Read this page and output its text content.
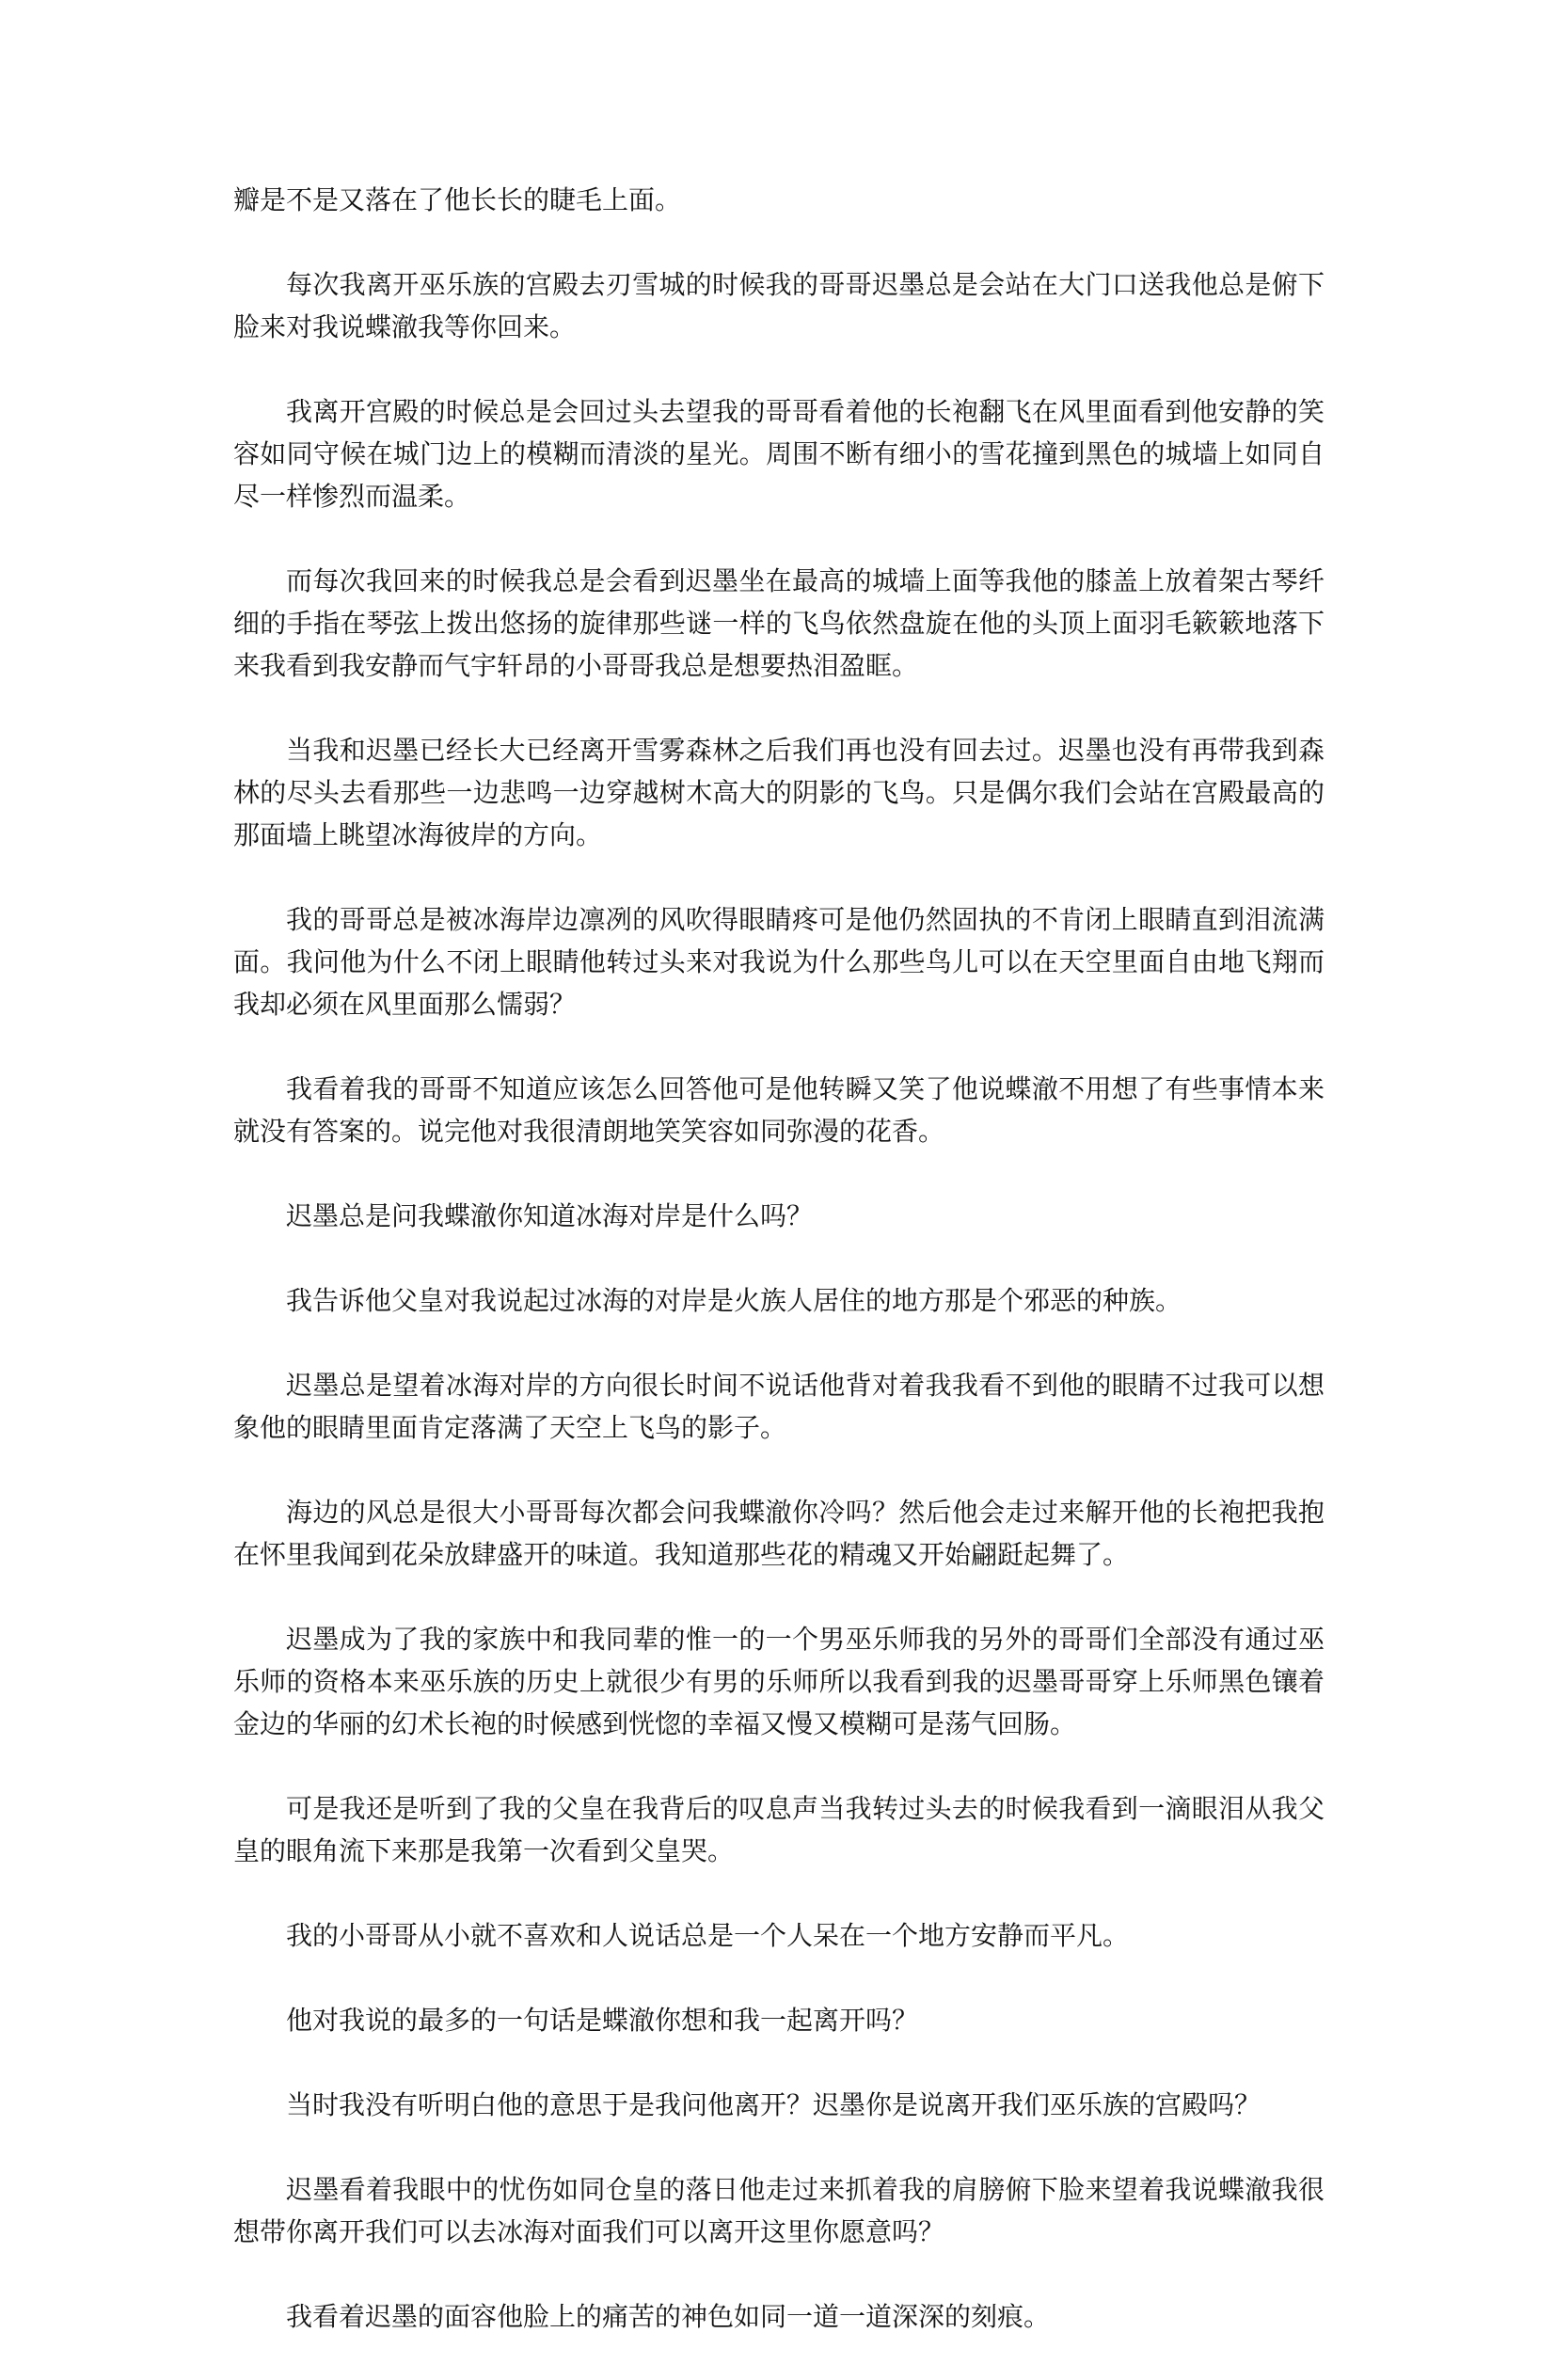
瓣是不是又落在了他长长的睫毛上面。

每次我离开巫乐族的宫殿去刃雪城的时候我的哥哥迟墨总是会站在大门口送我他总是俯下脸来对我说蝶澈我等你回来。

我离开宫殿的时候总是会回过头去望我的哥哥看着他的长袍翻飞在风里面看到他安静的笑容如同守候在城门边上的模糊而清淡的星光。周围不断有细小的雪花撞到黑色的城墙上如同自尽一样惨烈而温柔。

而每次我回来的时候我总是会看到迟墨坐在最高的城墙上面等我他的膝盖上放着架古琴纤细的手指在琴弦上拨出悠扬的旋律那些谜一样的飞鸟依然盘旋在他的头顶上面羽毛簌簌地落下来我看到我安静而气宇轩昂的小哥哥我总是想要热泪盈眶。

当我和迟墨已经长大已经离开雪雾森林之后我们再也没有回去过。迟墨也没有再带我到森林的尽头去看那些一边悲鸣一边穿越树木高大的阴影的飞鸟。只是偶尔我们会站在宫殿最高的那面墙上眺望冰海彼岸的方向。

我的哥哥总是被冰海岸边凛冽的风吹得眼睛疼可是他仍然固执的不肯闭上眼睛直到泪流满面。我问他为什么不闭上眼睛他转过头来对我说为什么那些鸟儿可以在天空里面自由地飞翔而我却必须在风里面那么懦弱？

我看着我的哥哥不知道应该怎么回答他可是他转瞬又笑了他说蝶澈不用想了有些事情本来就没有答案的。说完他对我很清朗地笑笑容如同弥漫的花香。

迟墨总是问我蝶澈你知道冰海对岸是什么吗？

我告诉他父皇对我说起过冰海的对岸是火族人居住的地方那是个邪恶的种族。

迟墨总是望着冰海对岸的方向很长时间不说话他背对着我我看不到他的眼睛不过我可以想象他的眼睛里面肯定落满了天空上飞鸟的影子。

海边的风总是很大小哥哥每次都会问我蝶澈你冷吗？然后他会走过来解开他的长袍把我抱在怀里我闻到花朵放肆盛开的味道。我知道那些花的精魂又开始翩跹起舞了。

迟墨成为了我的家族中和我同辈的惟一的一个男巫乐师我的另外的哥哥们全部没有通过巫乐师的资格本来巫乐族的历史上就很少有男的乐师所以我看到我的迟墨哥哥穿上乐师黑色镶着金边的华丽的幻术长袍的时候感到恍惚的幸福又慢又模糊可是荡气回肠。

可是我还是听到了我的父皇在我背后的叹息声当我转过头去的时候我看到一滴眼泪从我父皇的眼角流下来那是我第一次看到父皇哭。

我的小哥哥从小就不喜欢和人说话总是一个人呆在一个地方安静而平凡。

他对我说的最多的一句话是蝶澈你想和我一起离开吗？

当时我没有听明白他的意思于是我问他离开？迟墨你是说离开我们巫乐族的宫殿吗？

迟墨看着我眼中的忧伤如同仓皇的落日他走过来抓着我的肩膀俯下脸来望着我说蝶澈我很想带你离开我们可以去冰海对面我们可以离开这里你愿意吗？

我看着迟墨的面容他脸上的痛苦的神色如同一道一道深深的刻痕。
